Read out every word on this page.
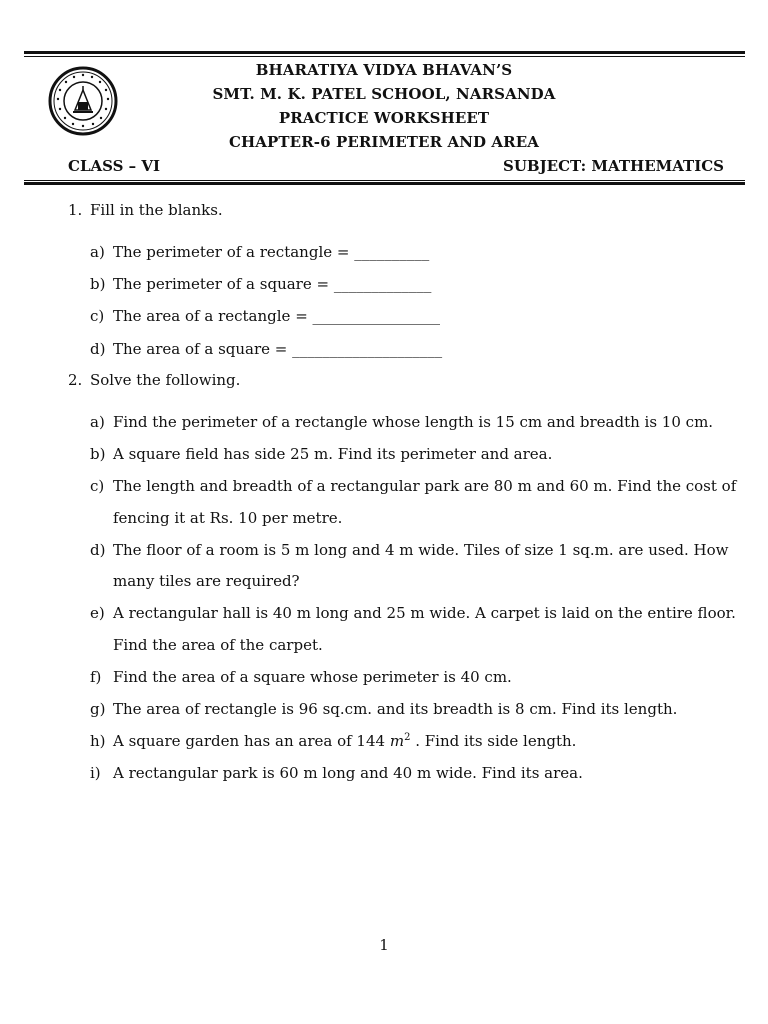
BHARATIYA VIDYA BHAVAN’S
SMT. M. K. PATEL SCHOOL, NARSANDA
PRACTICE WORKSHEET
CHAPTER-6 PERIMETER AND AREA
CLASS – VI	SUBJECT: MATHEMATICS
1. Fill in the blanks.
a) The perimeter of a rectangle = __________
b) The perimeter of a square = _____________
c) The area of a rectangle = _________________
d) The area of a square = ____________________
2. Solve the following.
a) Find the perimeter of a rectangle whose length is 15 cm and breadth is 10 cm.
b) A square field has side 25 m. Find its perimeter and area.
c) The length and breadth of a rectangular park are 80 m and 60 m. Find the cost of
fencing it at Rs. 10 per metre.
d) The floor of a room is 5 m long and 4 m wide. Tiles of size 1 sq.m. are used. How
many tiles are required?
e) A rectangular hall is 40 m long and 25 m wide. A carpet is laid on the entire floor.
Find the area of the carpet.
f) Find the area of a square whose perimeter is 40 cm.
g) The area of rectangle is 96 sq.cm. and its breadth is 8 cm. Find its length.
h) A square garden has an area of 144 $m^2$ . Find its side length.
i) A rectangular park is 60 m long and 40 m wide. Find its area.
1
